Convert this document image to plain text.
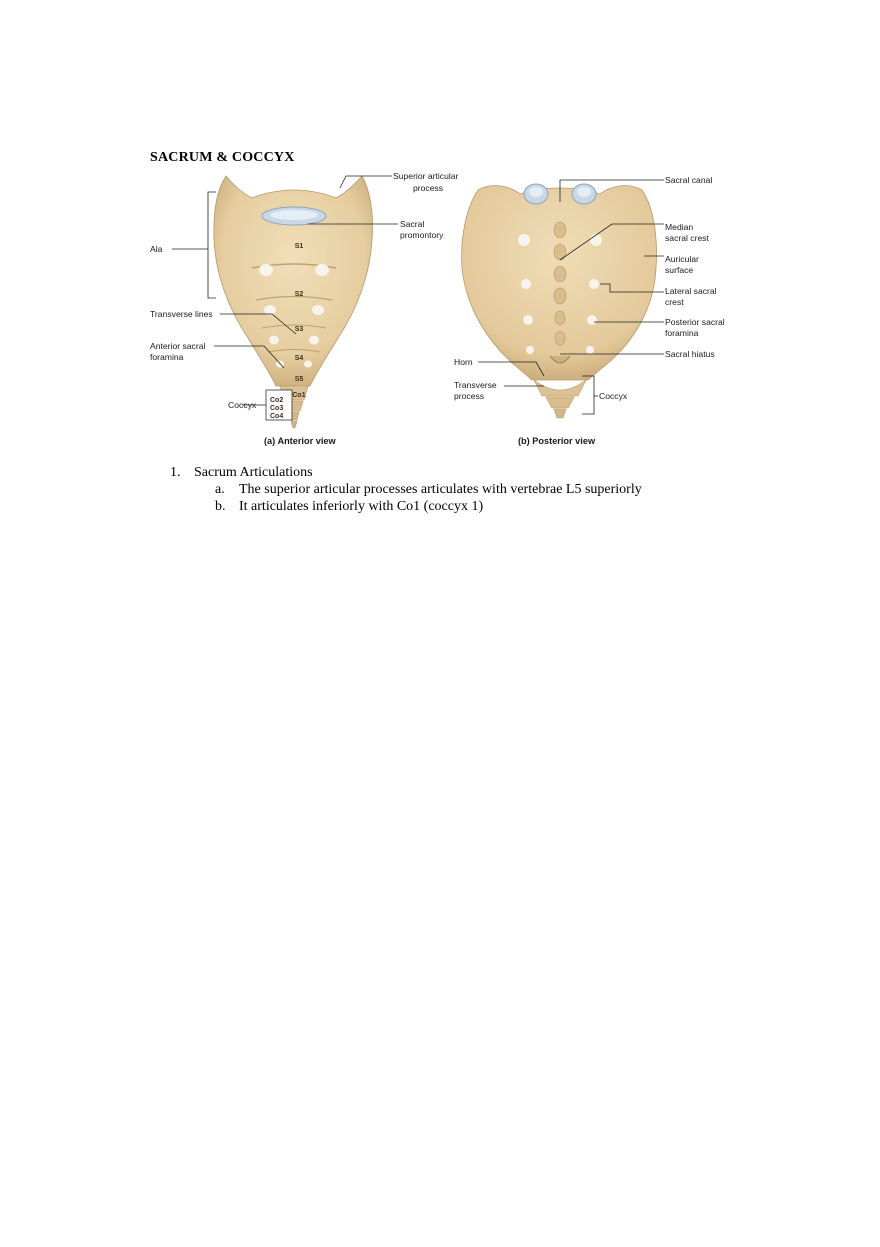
SACRUM & COCCYX
S1
S2
S3
S4
S5
Co1
Co2
Co3
Co4
Superior articular
process
Sacral
promontory
Ala
Transverse lines
Anterior sacral
foramina
Coccyx
(a) Anterior view
Sacral canal
Median
sacral crest
Auricular
surface
Lateral sacral
crest
Posterior sacral
foramina
Sacral hiatus
Horn
Transverse
process	Coccyx
(b) Posterior view
1. Sacrum Articulations
a. The superior articular processes articulates with vertebrae L5 superiorly
b. It articulates inferiorly with Co1 (coccyx 1)
